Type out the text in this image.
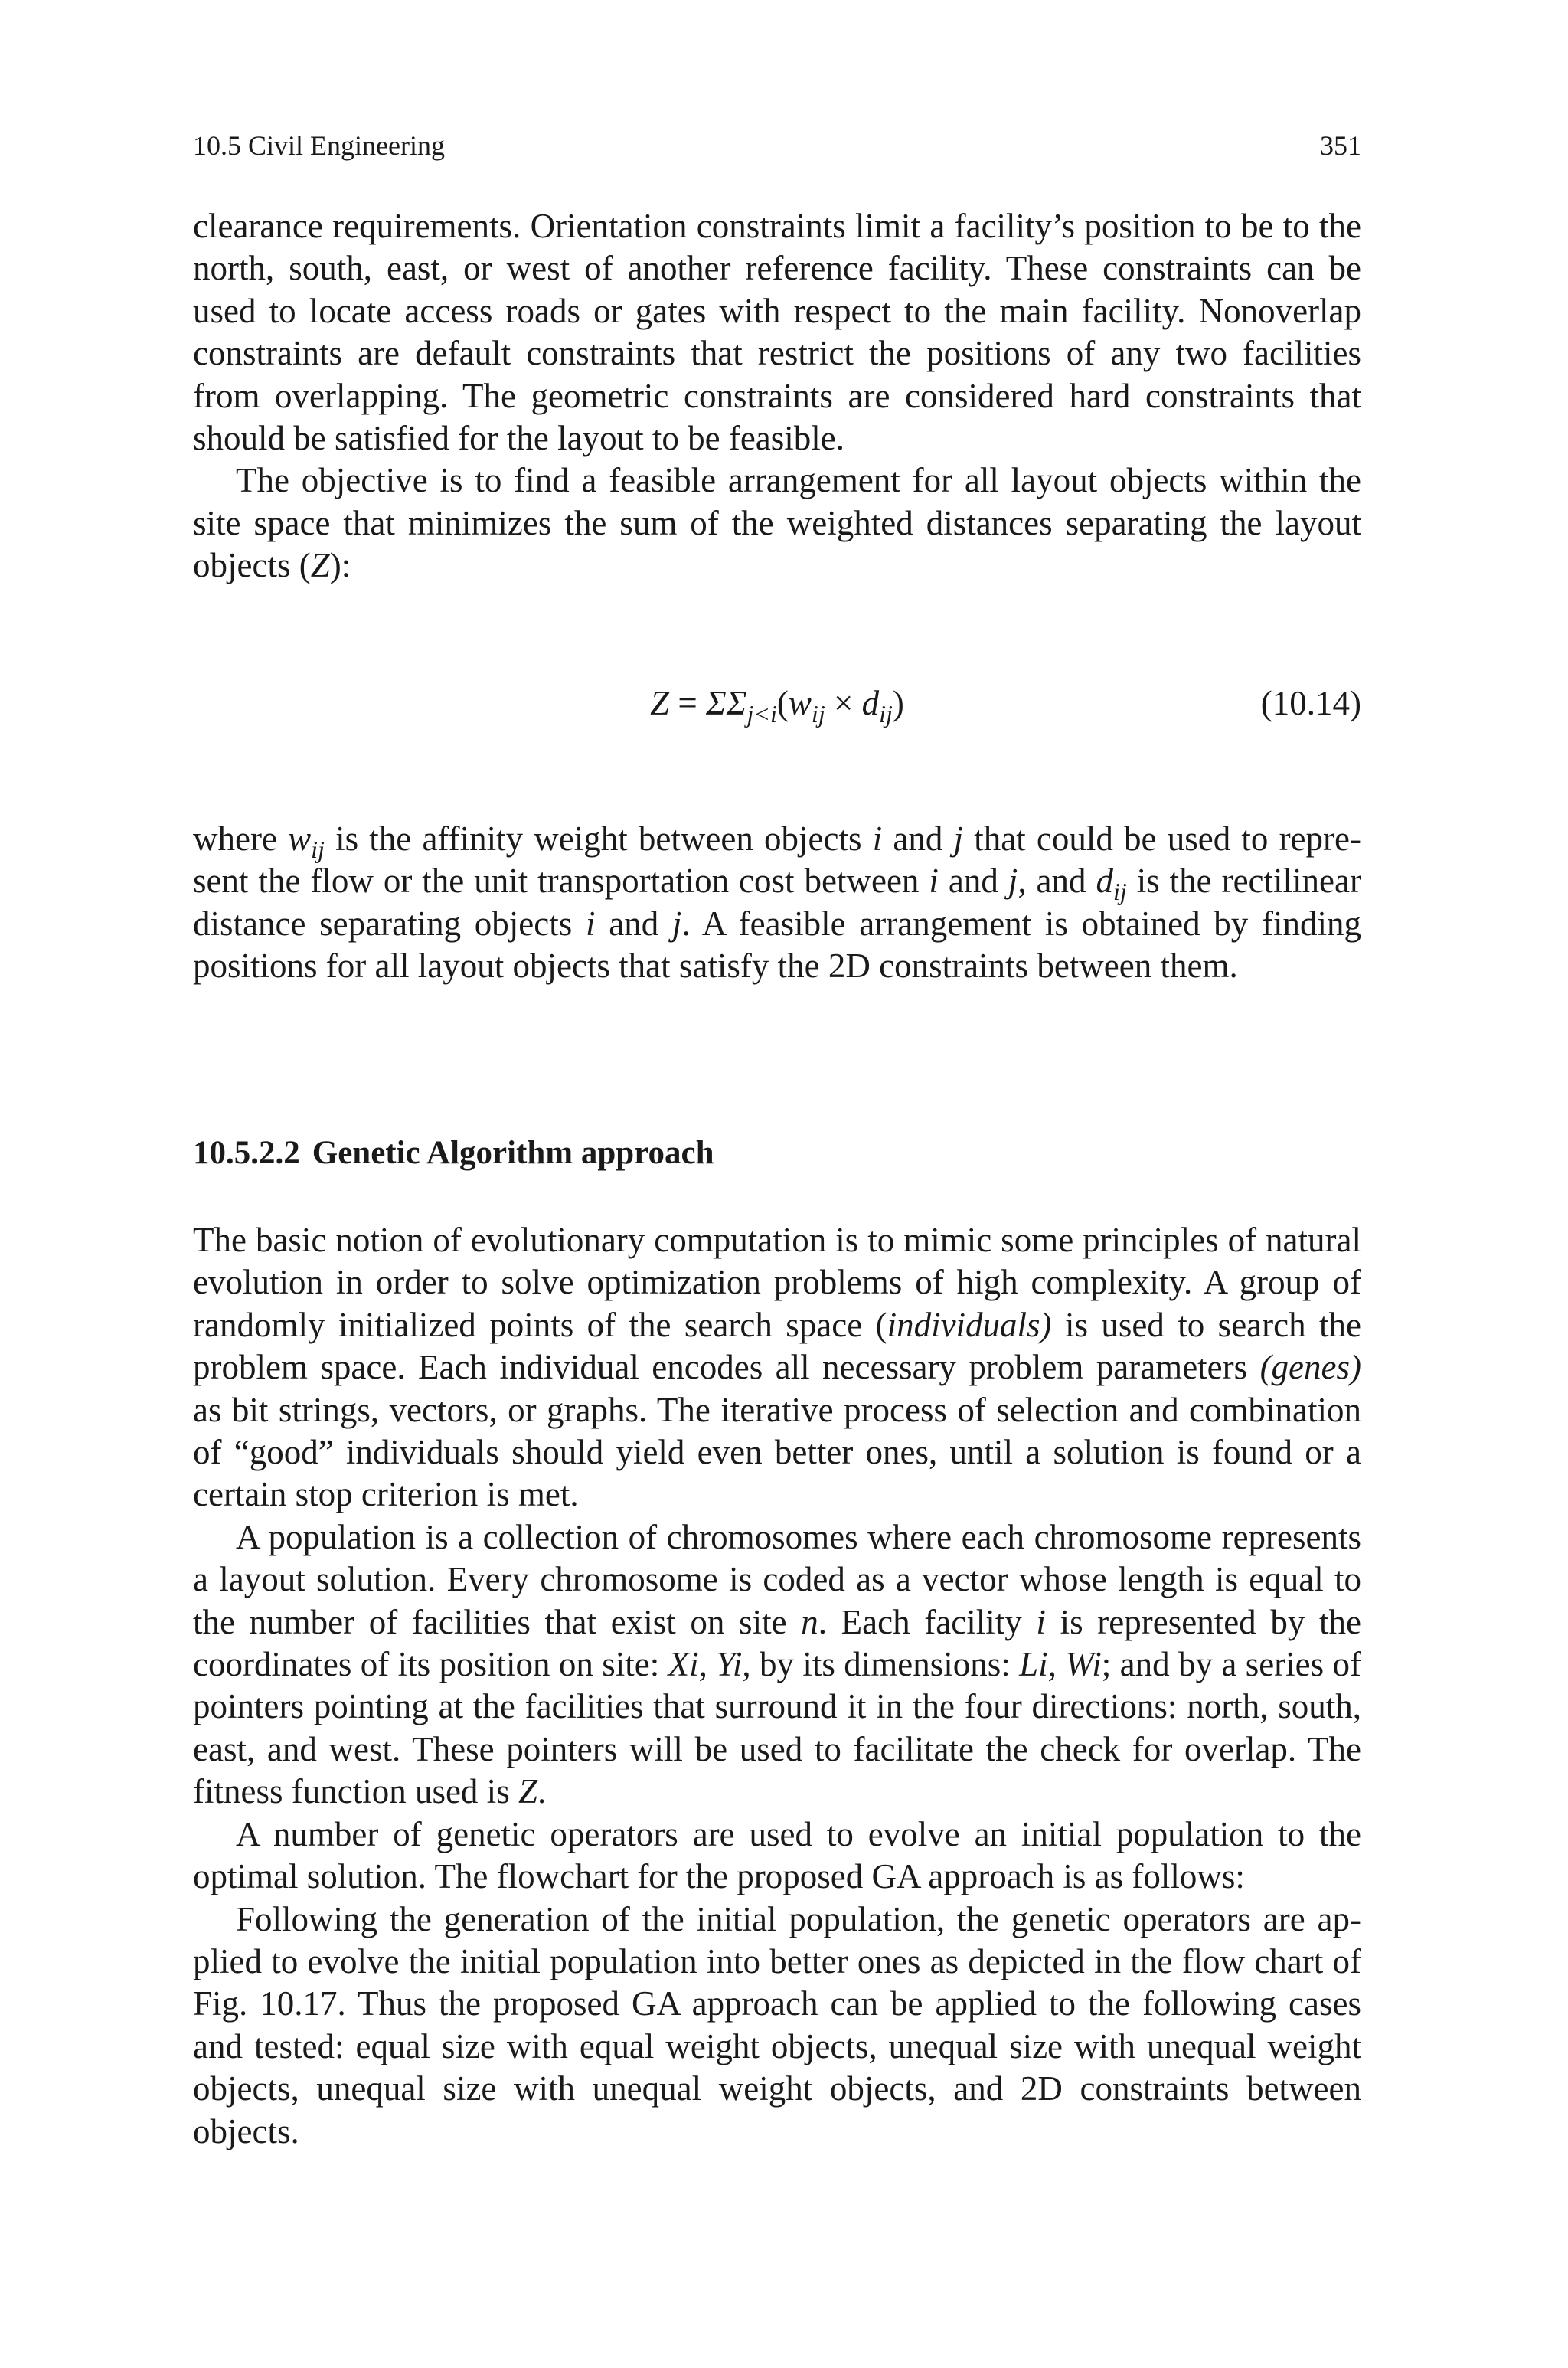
10.5 Civil Engineering	351

clearance requirements. Orientation constraints limit a facility’s position to be to the north, south, east, or west of another reference facility. These constraints can be used to locate access roads or gates with respect to the main facility. Nonoverlap constraints are default constraints that restrict the positions of any two facilities from overlapping. The geometric constraints are considered hard constraints that should be satisfied for the layout to be feasible.

The objective is to find a feasible arrangement for all layout objects within the site space that minimizes the sum of the weighted distances separating the layout objects (Z):

$Z = \Sigma\Sigma_{j<i}(w_{ij} \times d_{ij})$	(10.14)

where $w_{ij}$ is the affinity weight between objects i and j that could be used to represent the flow or the unit transportation cost between i and j, and $d_{ij}$ is the rectilinear distance separating objects i and j. A feasible arrangement is obtained by finding positions for all layout objects that satisfy the 2D constraints between them.

10.5.2.2 Genetic Algorithm approach

The basic notion of evolutionary computation is to mimic some principles of natural evolution in order to solve optimization problems of high complexity. A group of randomly initialized points of the search space (individuals) is used to search the problem space. Each individual encodes all necessary problem parameters (genes) as bit strings, vectors, or graphs. The iterative process of selection and combination of “good” individuals should yield even better ones, until a solution is found or a certain stop criterion is met.

A population is a collection of chromosomes where each chromosome represents a layout solution. Every chromosome is coded as a vector whose length is equal to the number of facilities that exist on site n. Each facility i is represented by the coordinates of its position on site: Xi, Yi, by its dimensions: Li, Wi; and by a series of pointers pointing at the facilities that surround it in the four directions: north, south, east, and west. These pointers will be used to facilitate the check for overlap. The fitness function used is Z.

A number of genetic operators are used to evolve an initial population to the optimal solution. The flowchart for the proposed GA approach is as follows:

Following the generation of the initial population, the genetic operators are applied to evolve the initial population into better ones as depicted in the flow chart of Fig. 10.17. Thus the proposed GA approach can be applied to the following cases and tested: equal size with equal weight objects, unequal size with unequal weight objects, unequal size with unequal weight objects, and 2D constraints between objects.
